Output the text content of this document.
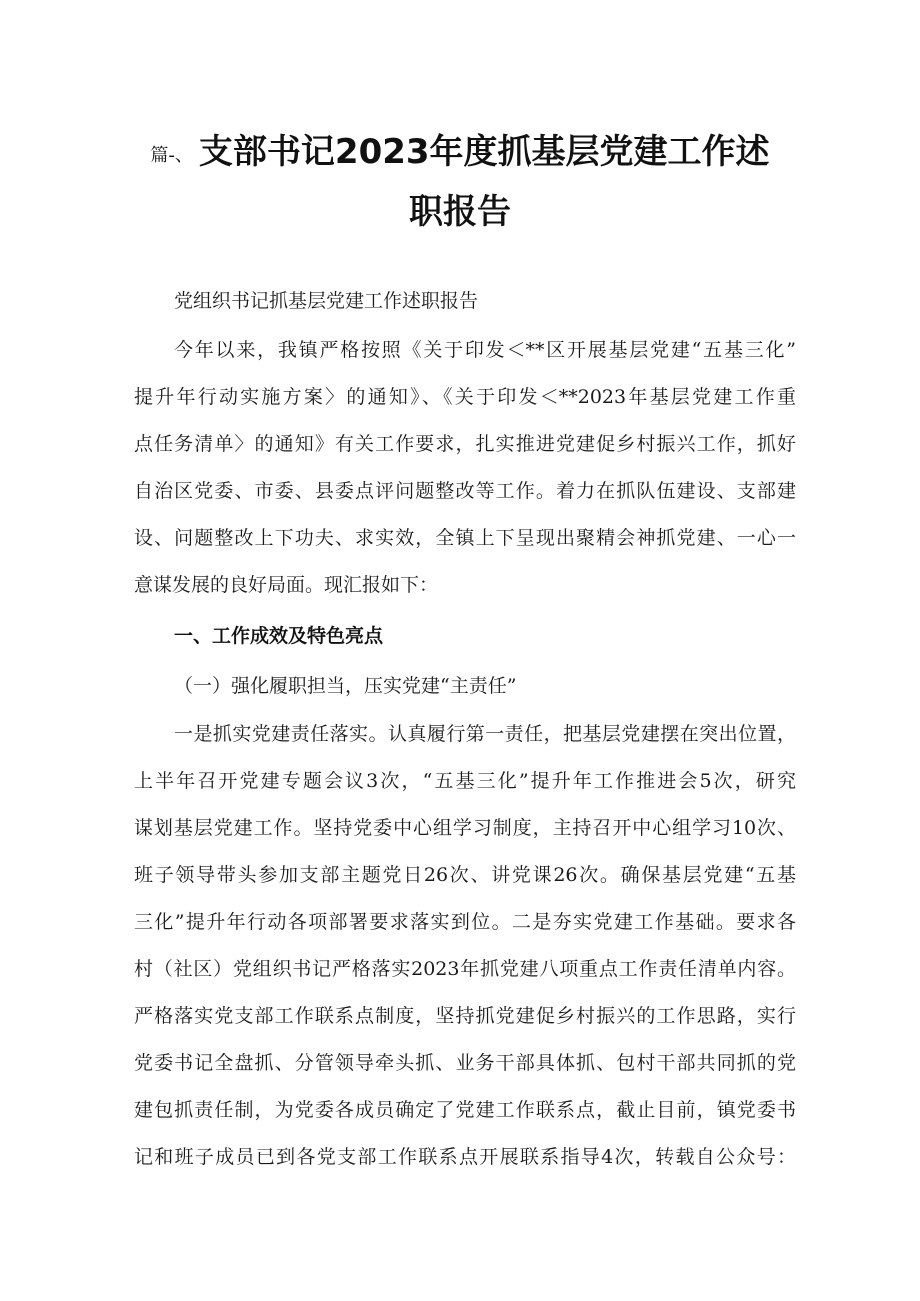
篇-、 支部书记2023年度抓基层党建工作述
职报告
党组织书记抓基层党建工作述职报告
今年以来，我镇严格按照《关于印发＜**区开展基层党建“五基三化”
提升年行动实施方案〉的通知》、《关于印发＜**2023年基层党建工作重
点任务清单〉的通知》有关工作要求，扎实推进党建促乡村振兴工作，抓好
自治区党委、市委、县委点评问题整改等工作。着力在抓队伍建设、支部建
设、问题整改上下功夫、求实效，全镇上下呈现出聚精会神抓党建、一心一
意谋发展的良好局面。现汇报如下：
一、工作成效及特色亮点
（一）强化履职担当，压实党建“主责任”
一是抓实党建责任落实。认真履行第一责任，把基层党建摆在突出位置，
上半年召开党建专题会议3次，“五基三化”提升年工作推进会5次，研究
谋划基层党建工作。坚持党委中心组学习制度，主持召开中心组学习10次、
班子领导带头参加支部主题党日26次、讲党课26次。确保基层党建“五基
三化”提升年行动各项部署要求落实到位。二是夯实党建工作基础。要求各
村（社区）党组织书记严格落实2023年抓党建八项重点工作责任清单内容。
严格落实党支部工作联系点制度，坚持抓党建促乡村振兴的工作思路，实行
党委书记全盘抓、分管领导牵头抓、业务干部具体抓、包村干部共同抓的党
建包抓责任制，为党委各成员确定了党建工作联系点，截止目前，镇党委书
记和班子成员已到各党支部工作联系点开展联系指导4次，转载自公众号：
